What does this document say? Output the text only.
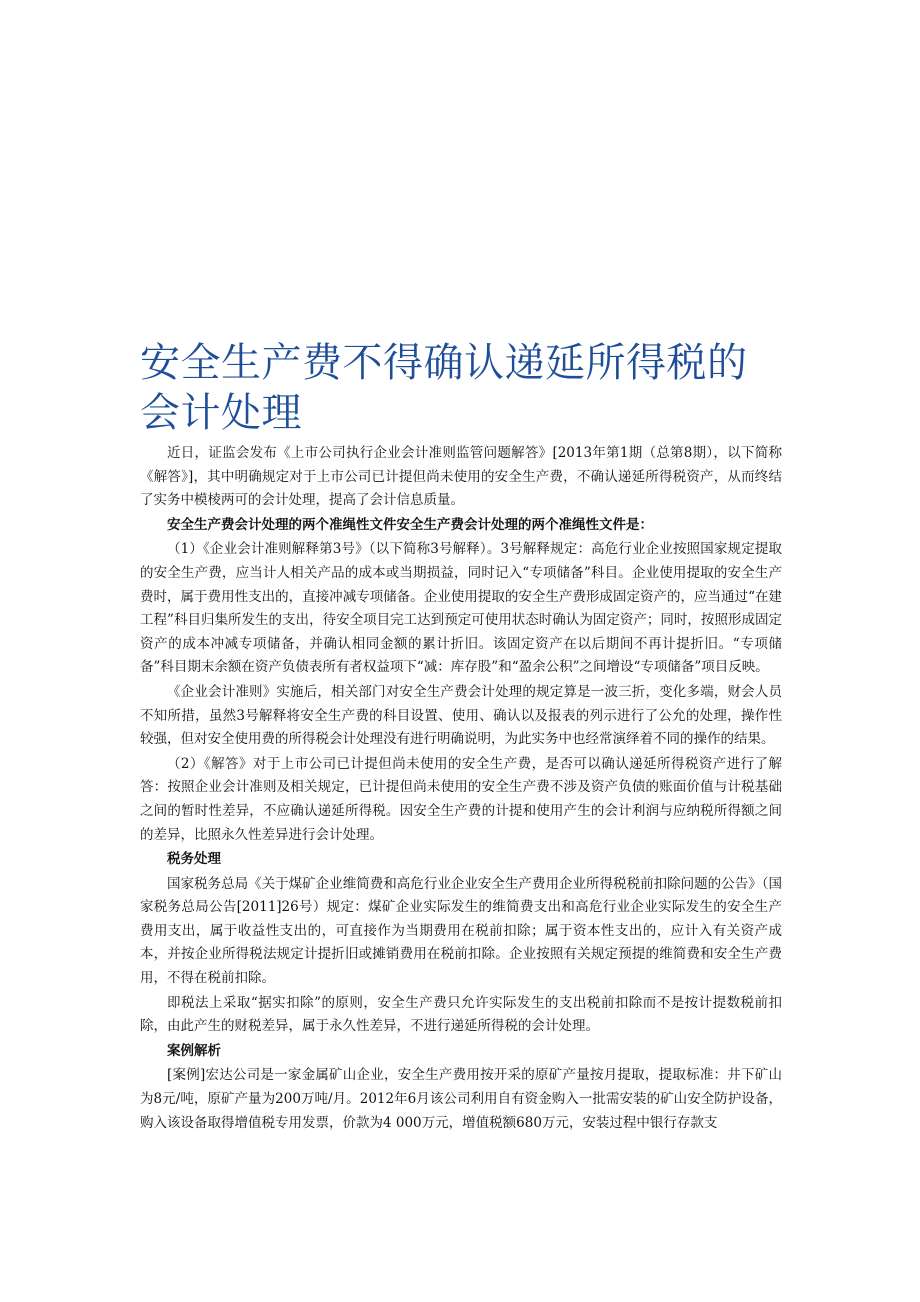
安全生产费不得确认递延所得税的会计处理

近日，证监会发布《上市公司执行企业会计准则监管问题解答》[2013年第1期（总第8期），以下简称《解答》]，其中明确规定对于上市公司已计提但尚未使用的安全生产费，不确认递延所得税资产，从而终结了实务中模棱两可的会计处理，提高了会计信息质量。

安全生产费会计处理的两个准绳性文件安全生产费会计处理的两个准绳性文件是：

（1）《企业会计准则解释第3号》（以下简称3号解释）。3号解释规定：高危行业企业按照国家规定提取的安全生产费，应当计人相关产品的成本或当期损益，同时记入“专项储备”科目。企业使用提取的安全生产费时，属于费用性支出的，直接冲减专项储备。企业使用提取的安全生产费形成固定资产的，应当通过“在建工程”科目归集所发生的支出，待安全项目完工达到预定可使用状态时确认为固定资产；同时，按照形成固定资产的成本冲减专项储备，并确认相同金额的累计折旧。该固定资产在以后期间不再计提折旧。“专项储备”科目期末余额在资产负债表所有者权益项下“减：库存股”和“盈余公积”之间增设“专项储备”项目反映。

《企业会计准则》实施后，相关部门对安全生产费会计处理的规定算是一波三折，变化多端，财会人员不知所措，虽然3号解释将安全生产费的科目设置、使用、确认以及报表的列示进行了公允的处理，操作性较强，但对安全使用费的所得税会计处理没有进行明确说明，为此实务中也经常演绎着不同的操作的结果。

（2）《解答》对于上市公司已计提但尚未使用的安全生产费，是否可以确认递延所得税资产进行了解答：按照企业会计准则及相关规定，已计提但尚未使用的安全生产费不涉及资产负债的账面价值与计税基础之间的暂时性差异，不应确认递延所得税。因安全生产费的计提和使用产生的会计利润与应纳税所得额之间的差异，比照永久性差异进行会计处理。

税务处理

国家税务总局《关于煤矿企业维简费和高危行业企业安全生产费用企业所得税税前扣除问题的公告》（国家税务总局公告[2011]26号）规定：煤矿企业实际发生的维简费支出和高危行业企业实际发生的安全生产费用支出，属于收益性支出的，可直接作为当期费用在税前扣除；属于资本性支出的，应计入有关资产成本，并按企业所得税法规定计提折旧或摊销费用在税前扣除。企业按照有关规定预提的维简费和安全生产费用，不得在税前扣除。

即税法上采取“据实扣除”的原则，安全生产费只允许实际发生的支出税前扣除而不是按计提数税前扣除，由此产生的财税差异，属于永久性差异，不进行递延所得税的会计处理。

案例解析

[案例]宏达公司是一家金属矿山企业，安全生产费用按开采的原矿产量按月提取，提取标准：井下矿山为8元/吨，原矿产量为200万吨/月。2012年6月该公司利用自有资金购入一批需安装的矿山安全防护设备，购入该设备取得增值税专用发票，价款为4 000万元，增值税额680万元，安装过程中银行存款支
